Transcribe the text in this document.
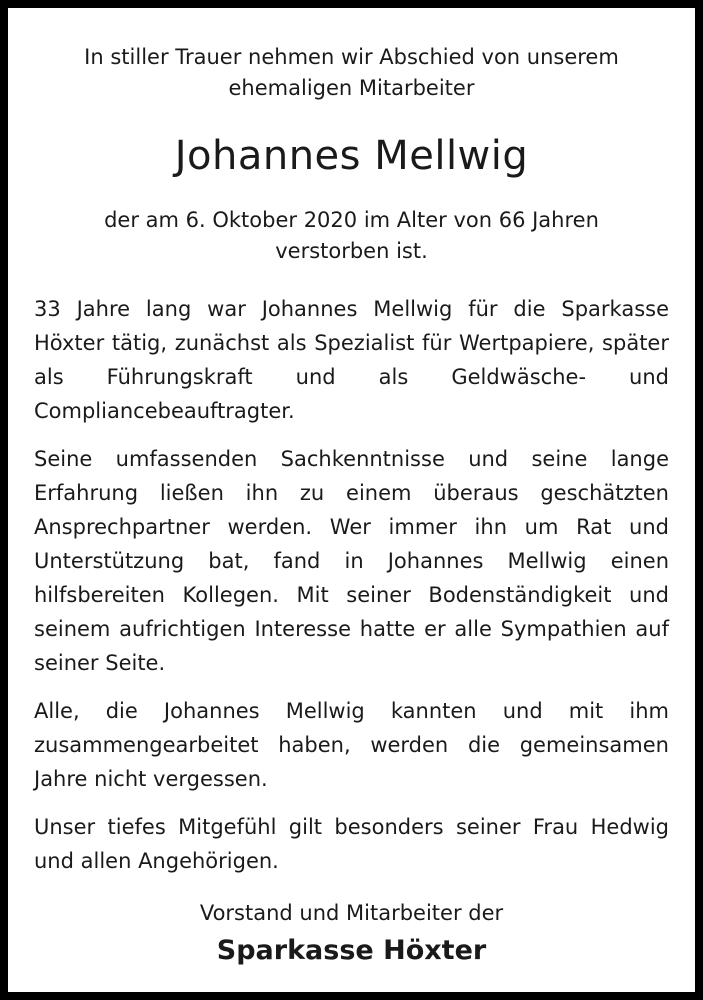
In stiller Trauer nehmen wir Abschied von unserem
ehemaligen Mitarbeiter
Johannes Mellwig
der am 6. Oktober 2020 im Alter von 66 Jahren
verstorben ist.

33 Jahre lang war Johannes Mellwig für die Sparkasse Höxter tätig, zunächst als Spezialist für Wertpapiere, später als Führungskraft und als Geldwäsche- und Compliancebeauftragter.

Seine umfassenden Sachkenntnisse und seine lange Erfahrung ließen ihn zu einem überaus geschätzten Ansprechpartner werden. Wer immer ihn um Rat und Unterstützung bat, fand in Johannes Mellwig einen hilfsbereiten Kollegen. Mit seiner Bodenständigkeit und seinem aufrichtigen Interesse hatte er alle Sympathien auf seiner Seite.

Alle, die Johannes Mellwig kannten und mit ihm zusammengearbeitet haben, werden die gemeinsamen Jahre nicht vergessen.

Unser tiefes Mitgefühl gilt besonders seiner Frau Hedwig und allen Angehörigen.

Vorstand und Mitarbeiter der
Sparkasse Höxter
